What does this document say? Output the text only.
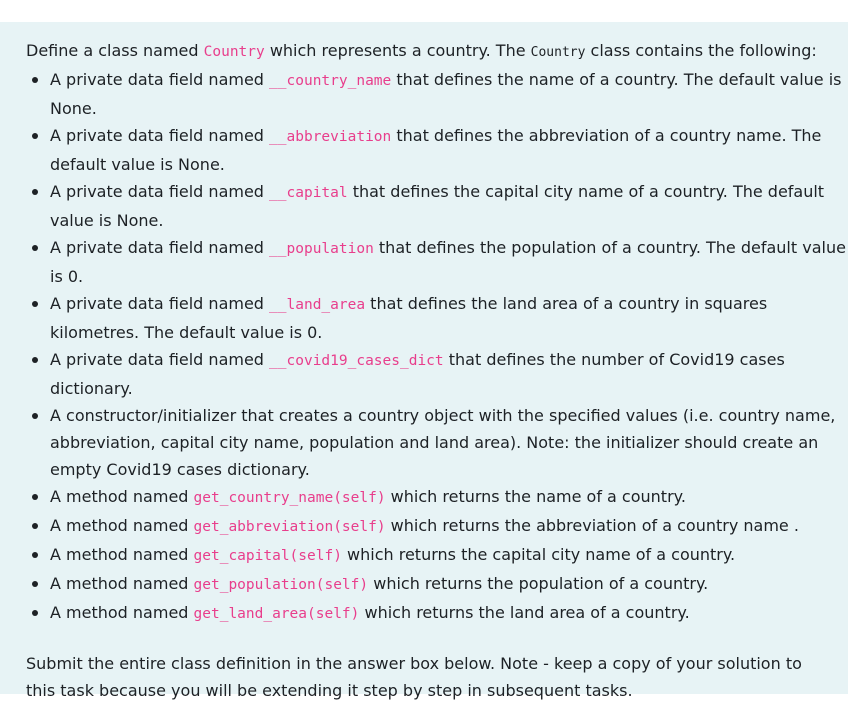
Define a class named Country which represents a country. The Country class contains the following:

A private data field named __country_name that defines the name of a country. The default value is None.
A private data field named __abbreviation that defines the abbreviation of a country name. The default value is None.
A private data field named __capital that defines the capital city name of a country. The default value is None.
A private data field named __population that defines the population of a country. The default value is 0.
A private data field named __land_area that defines the land area of a country in squares kilometres. The default value is 0.
A private data field named __covid19_cases_dict that defines the number of Covid19 cases dictionary.
A constructor/initializer that creates a country object with the specified values (i.e. country name, abbreviation, capital city name, population and land area). Note: the initializer should create an empty Covid19 cases dictionary.
A method named get_country_name(self) which returns the name of a country.
A method named get_abbreviation(self) which returns the abbreviation of a country name .
A method named get_capital(self) which returns the capital city name of a country.
A method named get_population(self) which returns the population of a country.
A method named get_land_area(self) which returns the land area of a country.

Submit the entire class definition in the answer box below. Note - keep a copy of your solution to this task because you will be extending it step by step in subsequent tasks.
